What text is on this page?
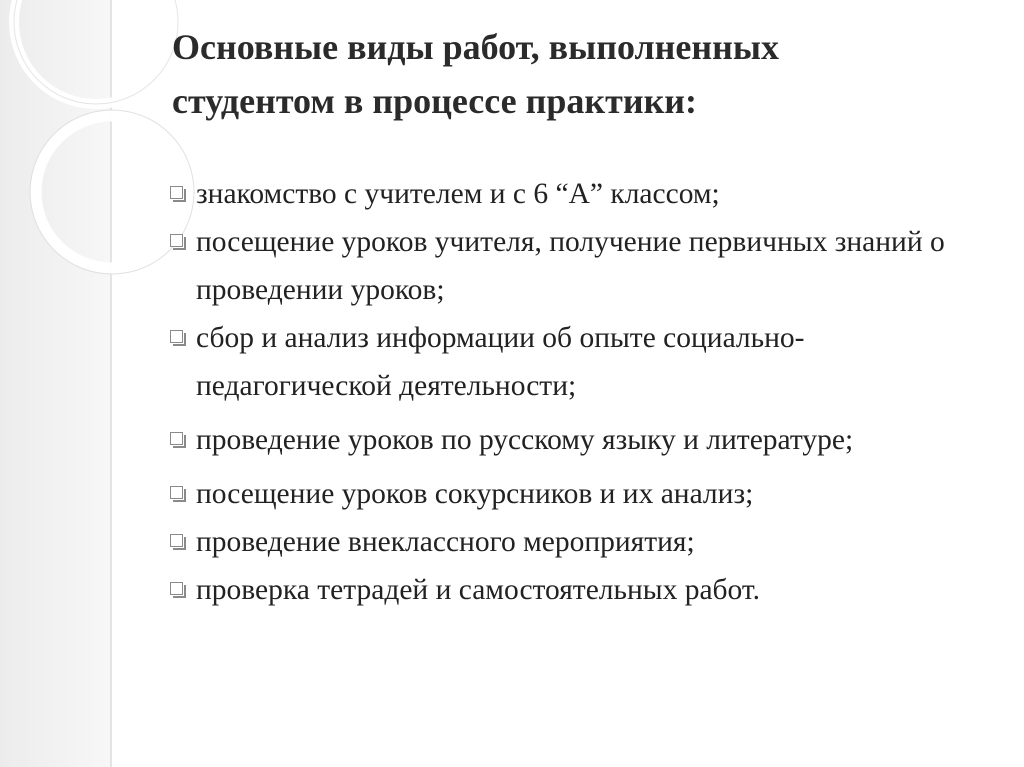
Основные виды работ, выполненных
студентом в процессе практики:
знакомство с учителем и с 6 “А” классом;
посещение уроков учителя, получение первичных знаний о проведении уроков;
сбор и анализ информации об опыте социально-педагогической деятельности;
проведение уроков по русскому языку и литературе;
посещение уроков сокурсников и их анализ;
проведение внеклассного мероприятия;
проверка тетрадей и самостоятельных работ.
